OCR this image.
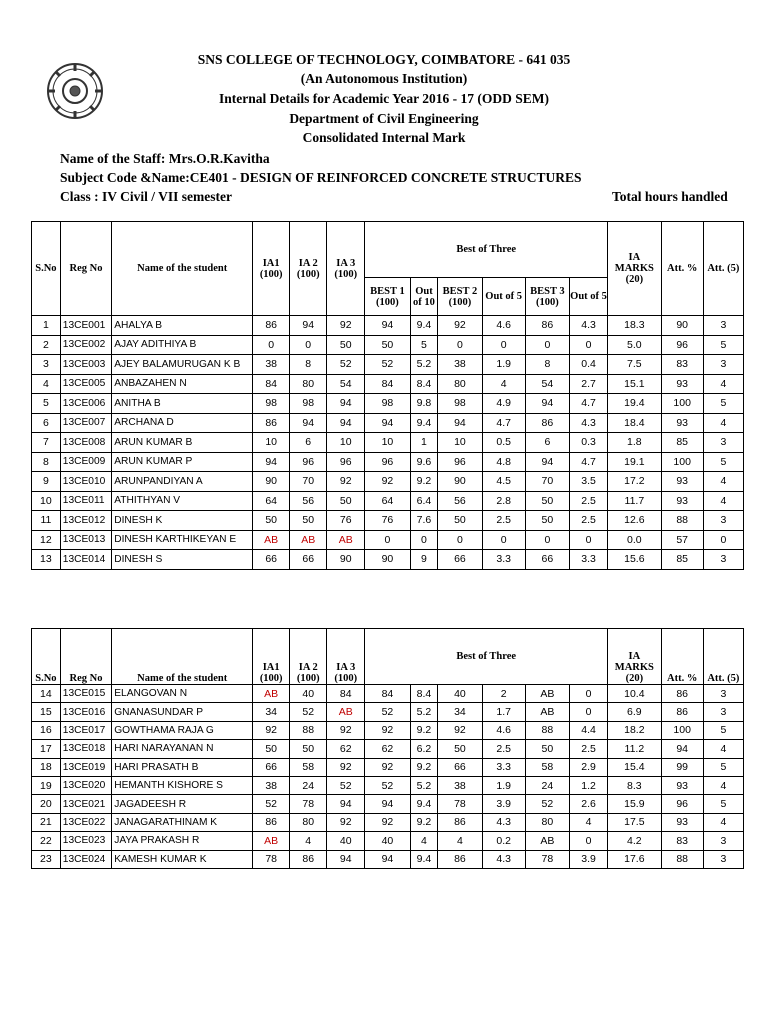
SNS COLLEGE OF TECHNOLOGY, COIMBATORE - 641 035
(An Autonomous Institution)
Internal Details for Academic Year 2016 - 17 (ODD SEM)
Department of Civil Engineering
Consolidated Internal Mark
Name of the Staff: Mrs.O.R.Kavitha
Subject Code &Name:CE401 - DESIGN OF REINFORCED CONCRETE STRUCTURES
Class : IV Civil / VII semester	Total hours handled
S.No	Reg No	Name of the student	IA1 (100)	IA 2 (100)	IA 3 (100)	Best of Three						IA MARKS (20)	Att. %	Att. (5)
						BEST 1 (100)	Out of 10	BEST 2 (100)	Out of 5	BEST 3 (100)	Out of 5			
1	13CE001	AHALYA B	86	94	92	94	9.4	92	4.6	86	4.3	18.3	90	3
2	13CE002	AJAY ADITHIYA B	0	0	50	50	5	0	0	0	0	5.0	96	5
3	13CE003	AJEY BALAMURUGAN K B	38	8	52	52	5.2	38	1.9	8	0.4	7.5	83	3
4	13CE005	ANBAZAHEN N	84	80	54	84	8.4	80	4	54	2.7	15.1	93	4
5	13CE006	ANITHA B	98	98	94	98	9.8	98	4.9	94	4.7	19.4	100	5
6	13CE007	ARCHANA D	86	94	94	94	9.4	94	4.7	86	4.3	18.4	93	4
7	13CE008	ARUN KUMAR B	10	6	10	10	1	10	0.5	6	0.3	1.8	85	3
8	13CE009	ARUN KUMAR P	94	96	96	96	9.6	96	4.8	94	4.7	19.1	100	5
9	13CE010	ARUNPANDIYAN A	90	70	92	92	9.2	90	4.5	70	3.5	17.2	93	4
10	13CE011	ATHITHYAN V	64	56	50	64	6.4	56	2.8	50	2.5	11.7	93	4
11	13CE012	DINESH K	50	50	76	76	7.6	50	2.5	50	2.5	12.6	88	3
12	13CE013	DINESH KARTHIKEYAN E	AB	AB	AB	0	0	0	0	0	0	0.0	57	0
13	13CE014	DINESH S	66	66	90	90	9	66	3.3	66	3.3	15.6	85	3
S.No	Reg No	Name of the student	IA1 (100)	IA 2 (100)	IA 3 (100)	Best of Three						IA MARKS (20)	Att. %	Att. (5)
14	13CE015	ELANGOVAN N	AB	40	84	84	8.4	40	2	AB	0	10.4	86	3
15	13CE016	GNANASUNDAR P	34	52	AB	52	5.2	34	1.7	AB	0	6.9	86	3
16	13CE017	GOWTHAMA RAJA G	92	88	92	92	9.2	92	4.6	88	4.4	18.2	100	5
17	13CE018	HARI NARAYANAN N	50	50	62	62	6.2	50	2.5	50	2.5	11.2	94	4
18	13CE019	HARI PRASATH B	66	58	92	92	9.2	66	3.3	58	2.9	15.4	99	5
19	13CE020	HEMANTH KISHORE S	38	24	52	52	5.2	38	1.9	24	1.2	8.3	93	4
20	13CE021	JAGADEESH R	52	78	94	94	9.4	78	3.9	52	2.6	15.9	96	5
21	13CE022	JANAGARATHINAM K	86	80	92	92	9.2	86	4.3	80	4	17.5	93	4
22	13CE023	JAYA PRAKASH R	AB	4	40	40	4	4	0.2	AB	0	4.2	83	3
23	13CE024	KAMESH KUMAR K	78	86	94	94	9.4	86	4.3	78	3.9	17.6	88	3
